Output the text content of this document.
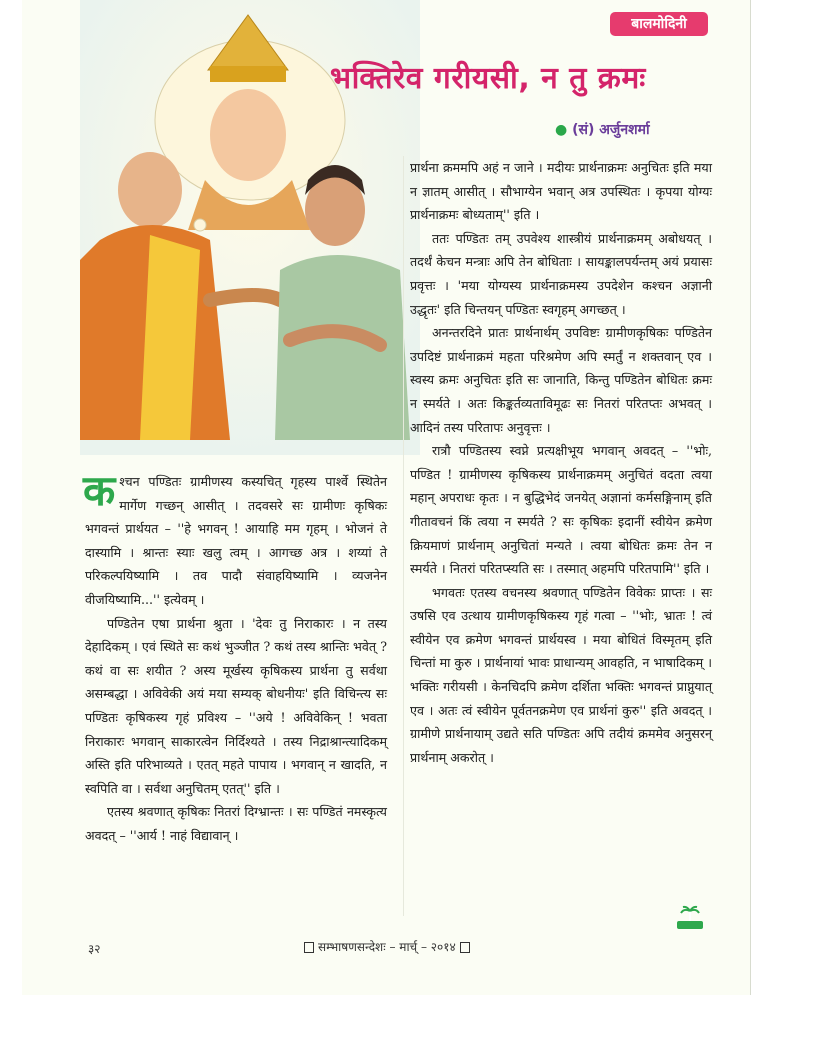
बालमोदिनी
भक्तिरेव गरीयसी, न तु क्रमः
● (सं) अर्जुनशर्मा

प्रार्थना क्रममपि अहं न जाने । मदीयः प्रार्थनाक्रमः अनुचितः इति मया न ज्ञातम् आसीत् । सौभाग्येन भवान् अत्र उपस्थितः । कृपया योग्यः प्रार्थनाक्रमः बोध्यताम्'' इति ।

ततः पण्डितः तम् उपवेश्य शास्त्रीयं प्रार्थनाक्रमम् अबोधयत् । तदर्थं केचन मन्त्राः अपि तेन बोधिताः । सायङ्कालपर्यन्तम् अयं प्रयासः प्रवृत्तः । 'मया योग्यस्य प्रार्थनाक्रमस्य उपदेशेन कश्चन अज्ञानी उद्धृतः' इति चिन्तयन् पण्डितः स्वगृहम् अगच्छत् ।

अनन्तरदिने प्रातः प्रार्थनार्थम् उपविष्टः ग्रामीणकृषिकः पण्डितेन उपदिष्टं प्रार्थनाक्रमं महता परिश्रमेण अपि स्मर्तुं न शक्तवान् एव । स्वस्य क्रमः अनुचितः इति सः जानाति, किन्तु पण्डितेन बोधितः क्रमः न स्मर्यते । अतः किङ्कर्तव्यताविमूढः सः नितरां परितप्तः अभवत् । आदिनं तस्य परितापः अनुवृत्तः ।

रात्रौ पण्डितस्य स्वप्ने प्रत्यक्षीभूय भगवान् अवदत् – ''भोः, पण्डित ! ग्रामीणस्य कृषिकस्य प्रार्थनाक्रमम् अनुचितं वदता त्वया महान् अपराधः कृतः । न बुद्धिभेदं जनयेत् अज्ञानां कर्मसङ्गिनाम् इति गीतावचनं किं त्वया न स्मर्यते ? सः कृषिकः इदानीं स्वीयेन क्रमेण क्रियमाणं प्रार्थनाम् अनुचितां मन्यते । त्वया बोधितः क्रमः तेन न स्मर्यते । नितरां परितप्स्यति सः । तस्मात् अहमपि परितपामि'' इति ।

भगवतः एतस्य वचनस्य श्रवणात् पण्डितेन विवेकः प्राप्तः । सः उषसि एव उत्थाय ग्रामीणकृषिकस्य गृहं गत्वा – ''भोः, भ्रातः ! त्वं स्वीयेन एव क्रमेण भगवन्तं प्रार्थयस्व । मया बोधितं विस्मृतम् इति चिन्तां मा कुरु । प्रार्थनायां भावः प्राधान्यम् आवहति, न भाषादिकम् । भक्तिः गरीयसी । केनचिदपि क्रमेण दर्शिता भक्तिः भगवन्तं प्राप्नुयात् एव । अतः त्वं स्वीयेन पूर्वतनक्रमेण एव प्रार्थनां कुरु'' इति अवदत् । ग्रामीणे प्रार्थनायाम् उद्यते सति पण्डितः अपि तदीयं क्रममेव अनुसरन् प्रार्थनाम् अकरोत् ।

कश्चन पण्डितः ग्रामीणस्य कस्यचित् गृहस्य पार्श्वे स्थितेन मार्गेण गच्छन् आसीत् । तदवसरे सः ग्रामीणः कृषिकः भगवन्तं प्रार्थयत – ''हे भगवन् ! आयाहि मम गृहम् । भोजनं ते दास्यामि । श्रान्तः स्याः खलु त्वम् । आगच्छ अत्र । शय्यां ते परिकल्पयिष्यामि । तव पादौ संवाहयिष्यामि । व्यजनेन वीजयिष्यामि...'' इत्येवम् ।

पण्डितेन एषा प्रार्थना श्रुता । 'देवः तु निराकारः । न तस्य देहादिकम् । एवं स्थिते सः कथं भुञ्जीत ? कथं तस्य श्रान्तिः भवेत् ? कथं वा सः शयीत ? अस्य मूर्खस्य कृषिकस्य प्रार्थना तु सर्वथा असम्बद्धा । अविवेकी अयं मया सम्यक् बोधनीयः' इति विचिन्त्य सः पण्डितः कृषिकस्य गृहं प्रविश्य – ''अये ! अविवेकिन् ! भवता निराकारः भगवान् साकारत्वेन निर्दिश्यते । तस्य निद्राश्रान्त्यादिकम् अस्ति इति परिभाव्यते । एतत् महते पापाय । भगवान् न खादति, न स्वपिति वा । सर्वथा अनुचितम् एतत्'' इति ।

एतस्य श्रवणात् कृषिकः नितरां दिग्भ्रान्तः । सः पण्डितं नमस्कृत्य अवदत् – ''आर्य ! नाहं विद्यावान् ।

३२	सम्भाषणसन्देशः – मार्च् – २०१४
